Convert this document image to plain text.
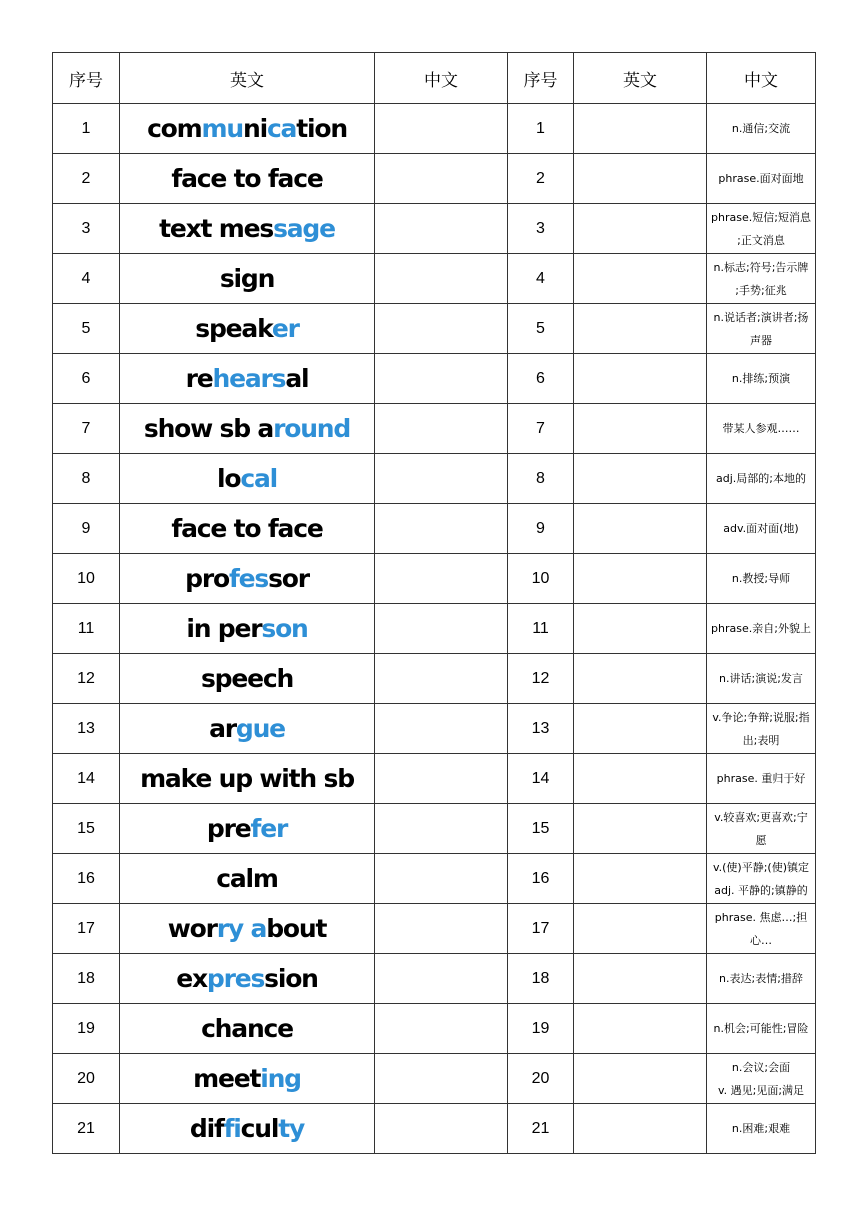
序号	英文	中文	序号	英文	中文
1	communication		1		n.通信;交流

2	face to face		2		phrase.面对面地

3	text message		3		phrase.短信;短消息
;正文消息

4	sign		4		n.标志;符号;告示牌
;手势;征兆

5	speaker		5		n.说话者;演讲者;扬
声器

6	rehearsal		6		n.排练;预演

7	show sb around		7		带某人参观……

8	local		8		adj.局部的;本地的

9	face to face		9		adv.面对面(地)

10	professor		10		n.教授;导师

11	in person		11		phrase.亲自;外貌上

12	speech		12		n.讲话;演说;发言

13	argue		13		v.争论;争辩;说服;指
出;表明

14	make up with sb		14		phrase. 重归于好

15	prefer		15		v.较喜欢;更喜欢;宁
愿

16	calm		16		v.(使)平静;(使)镇定
adj. 平静的;镇静的

17	worry about		17		phrase. 焦虑…;担
心…

18	expression		18		n.表达;表情;措辞

19	chance		19		n.机会;可能性;冒险

20	meeting		20		n.会议;会面
v. 遇见;见面;满足

21	difficulty		21		n.困难;艰难
